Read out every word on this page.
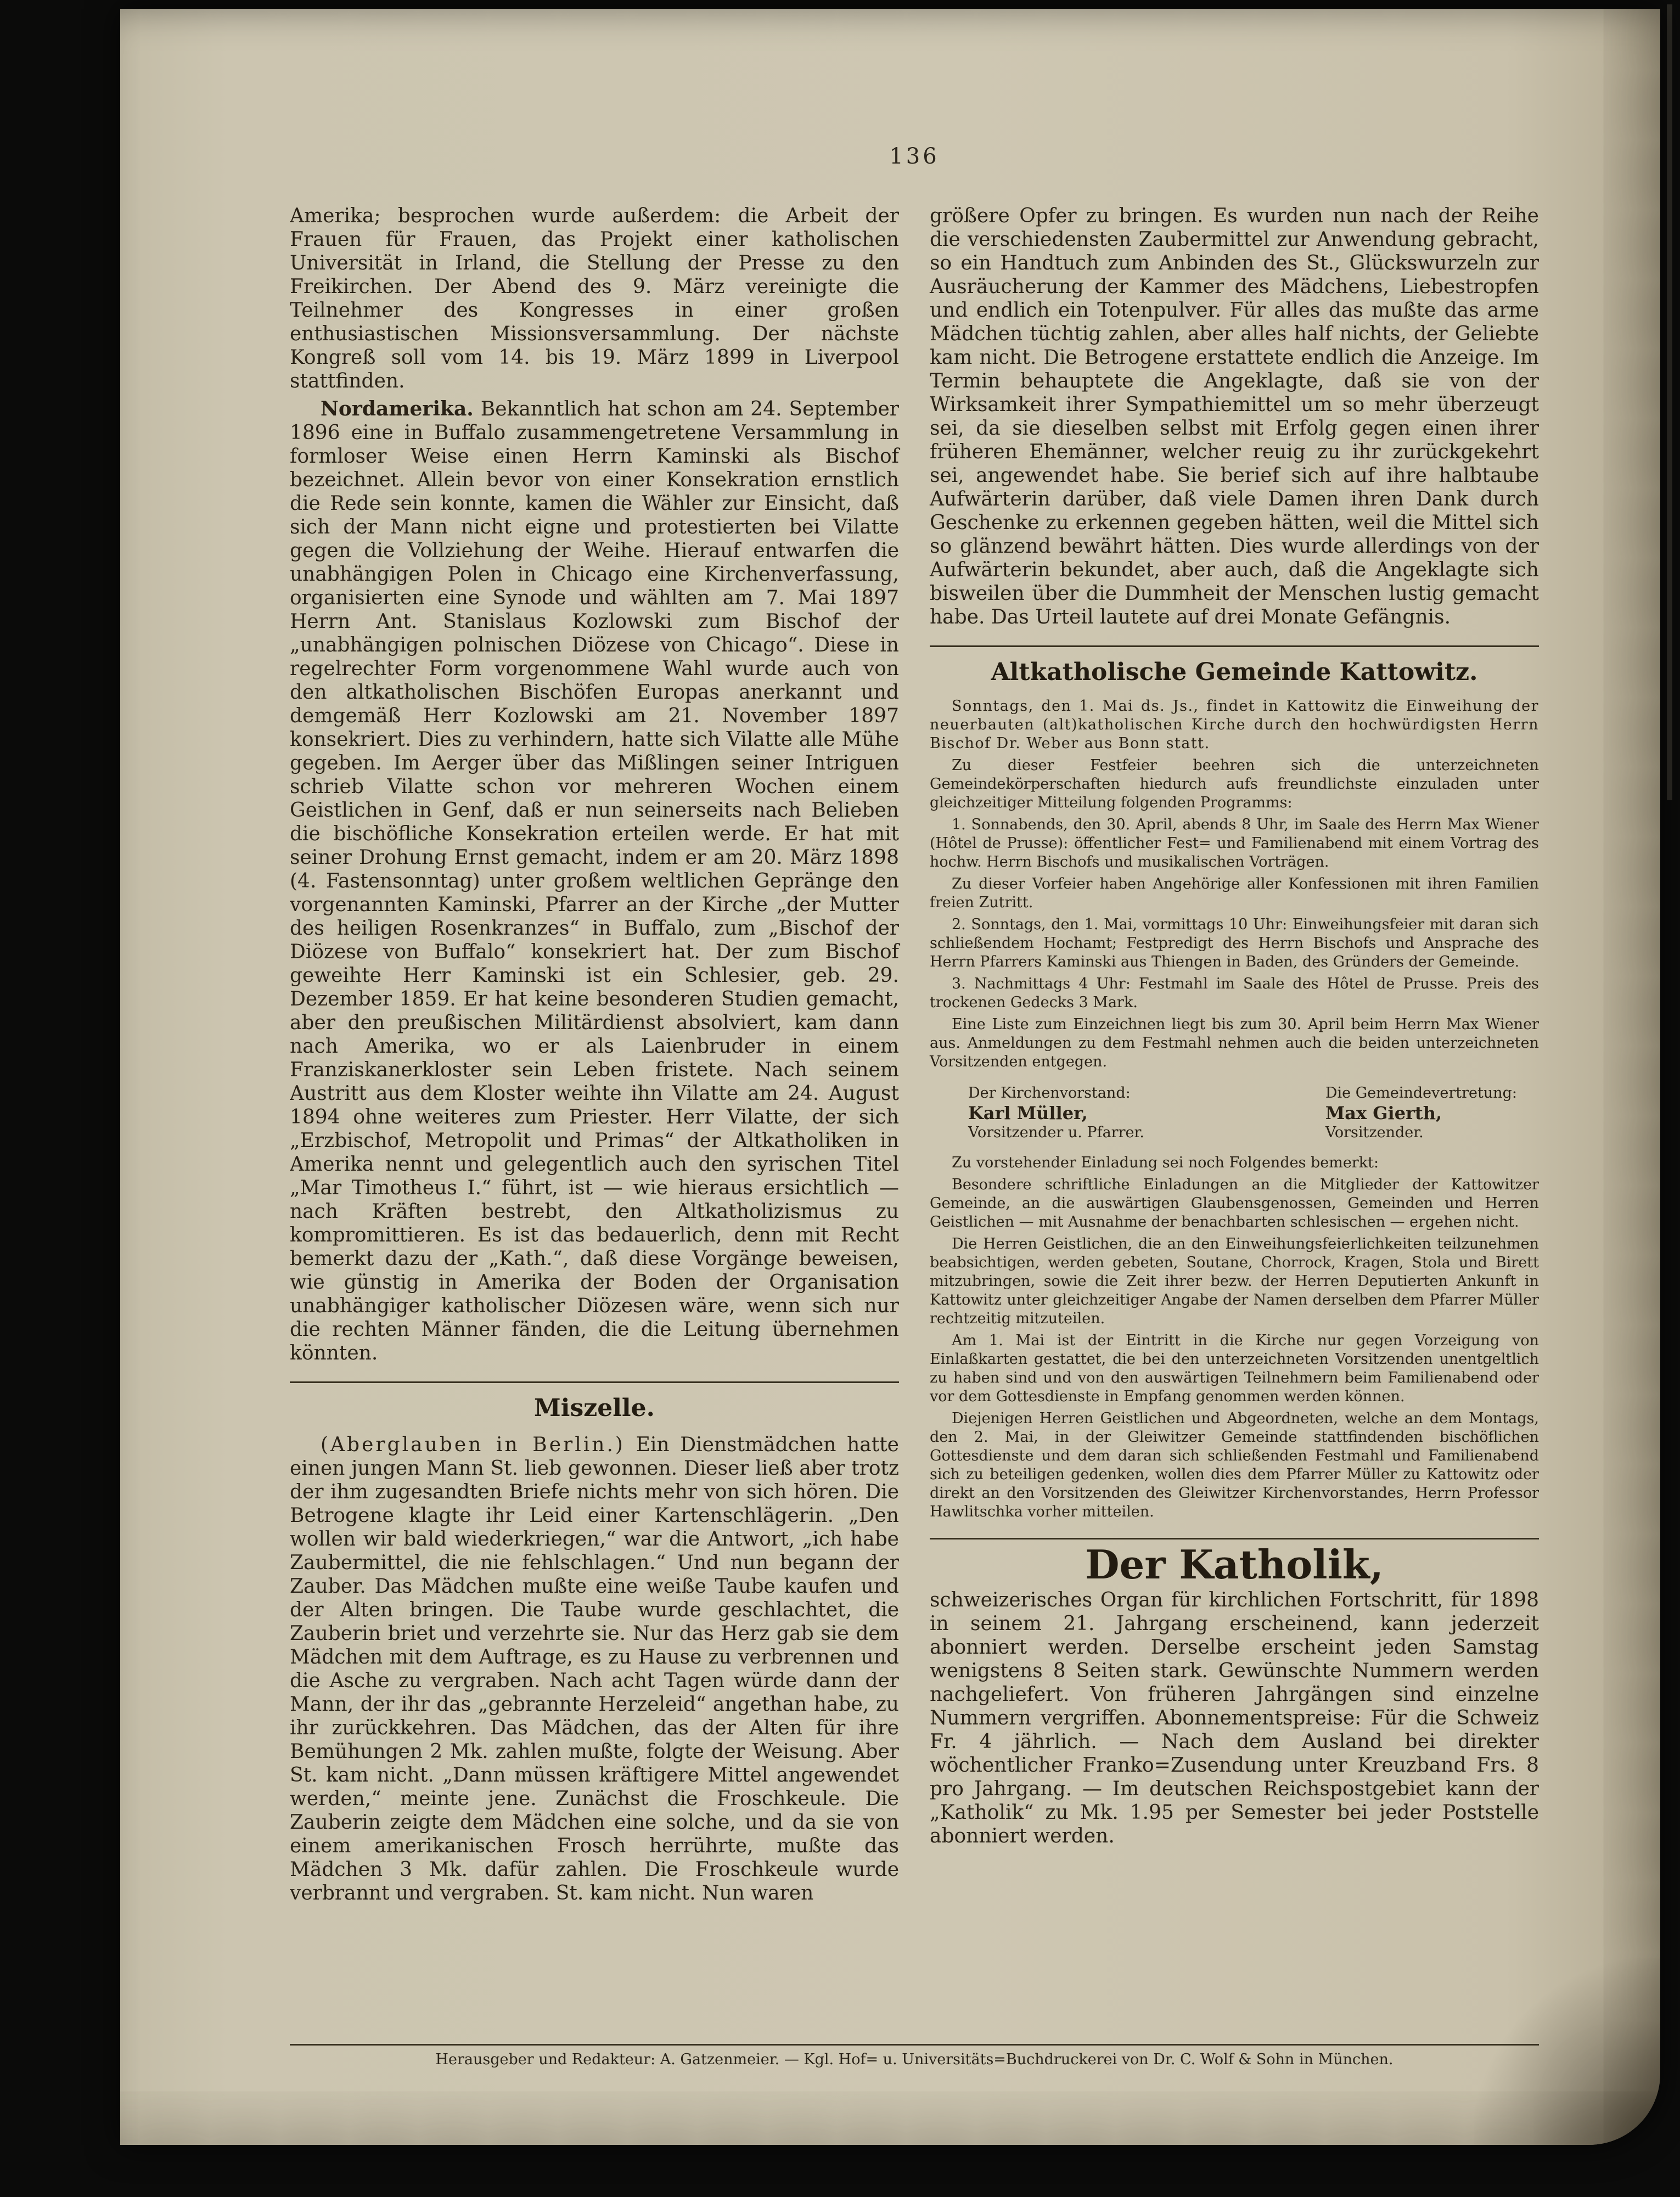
136

Amerika; besprochen wurde außerdem: die Arbeit der Frauen für Frauen, das Projekt einer katholischen Universität in Irland, die Stellung der Presse zu den Freikirchen. Der Abend des 9. März vereinigte die Teilnehmer des Kongresses in einer großen enthusiastischen Missionsversammlung. Der nächste Kongreß soll vom 14. bis 19. März 1899 in Liverpool stattfinden.

Nordamerika. Bekanntlich hat schon am 24. September 1896 eine in Buffalo zusammengetretene Versammlung in formloser Weise einen Herrn Kaminski als Bischof bezeichnet. Allein bevor von einer Konsekration ernstlich die Rede sein konnte, kamen die Wähler zur Einsicht, daß sich der Mann nicht eigne und protestierten bei Vilatte gegen die Vollziehung der Weihe. Hierauf entwarfen die unabhängigen Polen in Chicago eine Kirchenverfassung, organisierten eine Synode und wählten am 7. Mai 1897 Herrn Ant. Stanislaus Kozlowski zum Bischof der „unabhängigen polnischen Diözese von Chicago“. Diese in regelrechter Form vorgenommene Wahl wurde auch von den altkatholischen Bischöfen Europas anerkannt und demgemäß Herr Kozlowski am 21. November 1897 konsekriert. Dies zu verhindern, hatte sich Vilatte alle Mühe gegeben. Im Aerger über das Mißlingen seiner Intriguen schrieb Vilatte schon vor mehreren Wochen einem Geistlichen in Genf, daß er nun seinerseits nach Belieben die bischöfliche Konsekration erteilen werde. Er hat mit seiner Drohung Ernst gemacht, indem er am 20. März 1898 (4. Fastensonntag) unter großem weltlichen Gepränge den vorgenannten Kaminski, Pfarrer an der Kirche „der Mutter des heiligen Rosenkranzes“ in Buffalo, zum „Bischof der Diözese von Buffalo“ konsekriert hat. Der zum Bischof geweihte Herr Kaminski ist ein Schlesier, geb. 29. Dezember 1859. Er hat keine besonderen Studien gemacht, aber den preußischen Militärdienst absolviert, kam dann nach Amerika, wo er als Laienbruder in einem Franziskanerkloster sein Leben fristete. Nach seinem Austritt aus dem Kloster weihte ihn Vilatte am 24. August 1894 ohne weiteres zum Priester. Herr Vilatte, der sich „Erzbischof, Metropolit und Primas“ der Altkatholiken in Amerika nennt und gelegentlich auch den syrischen Titel „Mar Timotheus I.“ führt, ist — wie hieraus ersichtlich — nach Kräften bestrebt, den Altkatholizismus zu kompromittieren. Es ist das bedauerlich, denn mit Recht bemerkt dazu der „Kath.“, daß diese Vorgänge beweisen, wie günstig in Amerika der Boden der Organisation unabhängiger katholischer Diözesen wäre, wenn sich nur die rechten Männer fänden, die die Leitung übernehmen könnten.

Miszelle.

(Aberglauben in Berlin.) Ein Dienstmädchen hatte einen jungen Mann St. lieb gewonnen. Dieser ließ aber trotz der ihm zugesandten Briefe nichts mehr von sich hören. Die Betrogene klagte ihr Leid einer Kartenschlägerin. „Den wollen wir bald wiederkriegen,“ war die Antwort, „ich habe Zaubermittel, die nie fehlschlagen.“ Und nun begann der Zauber. Das Mädchen mußte eine weiße Taube kaufen und der Alten bringen. Die Taube wurde geschlachtet, die Zauberin briet und verzehrte sie. Nur das Herz gab sie dem Mädchen mit dem Auftrage, es zu Hause zu verbrennen und die Asche zu vergraben. Nach acht Tagen würde dann der Mann, der ihr das „gebrannte Herzeleid“ angethan habe, zu ihr zurückkehren. Das Mädchen, das der Alten für ihre Bemühungen 2 Mk. zahlen mußte, folgte der Weisung. Aber St. kam nicht. „Dann müssen kräftigere Mittel angewendet werden,“ meinte jene. Zunächst die Froschkeule. Die Zauberin zeigte dem Mädchen eine solche, und da sie von einem amerikanischen Frosch herrührte, mußte das Mädchen 3 Mk. dafür zahlen. Die Froschkeule wurde verbrannt und vergraben. St. kam nicht. Nun waren

größere Opfer zu bringen. Es wurden nun nach der Reihe die verschiedensten Zaubermittel zur Anwendung gebracht, so ein Handtuch zum Anbinden des St., Glückswurzeln zur Ausräucherung der Kammer des Mädchens, Liebestropfen und endlich ein Totenpulver. Für alles das mußte das arme Mädchen tüchtig zahlen, aber alles half nichts, der Geliebte kam nicht. Die Betrogene erstattete endlich die Anzeige. Im Termin behauptete die Angeklagte, daß sie von der Wirksamkeit ihrer Sympathiemittel um so mehr überzeugt sei, da sie dieselben selbst mit Erfolg gegen einen ihrer früheren Ehemänner, welcher reuig zu ihr zurückgekehrt sei, angewendet habe. Sie berief sich auf ihre halbtaube Aufwärterin darüber, daß viele Damen ihren Dank durch Geschenke zu erkennen gegeben hätten, weil die Mittel sich so glänzend bewährt hätten. Dies wurde allerdings von der Aufwärterin bekundet, aber auch, daß die Angeklagte sich bisweilen über die Dummheit der Menschen lustig gemacht habe. Das Urteil lautete auf drei Monate Gefängnis.

Altkatholische Gemeinde Kattowitz.

Sonntags, den 1. Mai ds. Js., findet in Kattowitz die Einweihung der neuerbauten (alt)katholischen Kirche durch den hochwürdigsten Herrn Bischof Dr. Weber aus Bonn statt.

Zu dieser Festfeier beehren sich die unterzeichneten Gemeindekörperschaften hiedurch aufs freundlichste einzuladen unter gleichzeitiger Mitteilung folgenden Programms:

1. Sonnabends, den 30. April, abends 8 Uhr, im Saale des Herrn Max Wiener (Hôtel de Prusse): öffentlicher Fest= und Familienabend mit einem Vortrag des hochw. Herrn Bischofs und musikalischen Vorträgen.

Zu dieser Vorfeier haben Angehörige aller Konfessionen mit ihren Familien freien Zutritt.

2. Sonntags, den 1. Mai, vormittags 10 Uhr: Einweihungsfeier mit daran sich schließendem Hochamt; Festpredigt des Herrn Bischofs und Ansprache des Herrn Pfarrers Kaminski aus Thiengen in Baden, des Gründers der Gemeinde.

3. Nachmittags 4 Uhr: Festmahl im Saale des Hôtel de Prusse. Preis des trockenen Gedecks 3 Mark.

Eine Liste zum Einzeichnen liegt bis zum 30. April beim Herrn Max Wiener aus. Anmeldungen zu dem Festmahl nehmen auch die beiden unterzeichneten Vorsitzenden entgegen.

Der Kirchenvorstand:
Karl Müller,
Vorsitzender u. Pfarrer.
Die Gemeindevertretung:
Max Gierth,
Vorsitzender.

Zu vorstehender Einladung sei noch Folgendes bemerkt:

Besondere schriftliche Einladungen an die Mitglieder der Kattowitzer Gemeinde, an die auswärtigen Glaubensgenossen, Gemeinden und Herren Geistlichen — mit Ausnahme der benachbarten schlesischen — ergehen nicht.

Die Herren Geistlichen, die an den Einweihungsfeierlichkeiten teilzunehmen beabsichtigen, werden gebeten, Soutane, Chorrock, Kragen, Stola und Birett mitzubringen, sowie die Zeit ihrer bezw. der Herren Deputierten Ankunft in Kattowitz unter gleichzeitiger Angabe der Namen derselben dem Pfarrer Müller rechtzeitig mitzuteilen.

Am 1. Mai ist der Eintritt in die Kirche nur gegen Vorzeigung von Einlaßkarten gestattet, die bei den unterzeichneten Vorsitzenden unentgeltlich zu haben sind und von den auswärtigen Teilnehmern beim Familienabend oder vor dem Gottesdienste in Empfang genommen werden können.

Diejenigen Herren Geistlichen und Abgeordneten, welche an dem Montags, den 2. Mai, in der Gleiwitzer Gemeinde stattfindenden bischöflichen Gottesdienste und dem daran sich schließenden Festmahl und Familienabend sich zu beteiligen gedenken, wollen dies dem Pfarrer Müller zu Kattowitz oder direkt an den Vorsitzenden des Gleiwitzer Kirchenvorstandes, Herrn Professor Hawlitschka vorher mitteilen.

Der Katholik,

schweizerisches Organ für kirchlichen Fortschritt, für 1898 in seinem 21. Jahrgang erscheinend, kann jederzeit abonniert werden. Derselbe erscheint jeden Samstag wenigstens 8 Seiten stark. Gewünschte Nummern werden nachgeliefert. Von früheren Jahrgängen sind einzelne Nummern vergriffen. Abonnementspreise: Für die Schweiz Fr. 4 jährlich. — Nach dem Ausland bei direkter wöchentlicher Franko=Zusendung unter Kreuzband Frs. 8 pro Jahrgang. — Im deutschen Reichspostgebiet kann der „Katholik“ zu Mk. 1.95 per Semester bei jeder Poststelle abonniert werden.

Herausgeber und Redakteur: A. Gatzenmeier. — Kgl. Hof= u. Universitäts=Buchdruckerei von Dr. C. Wolf & Sohn in München.
